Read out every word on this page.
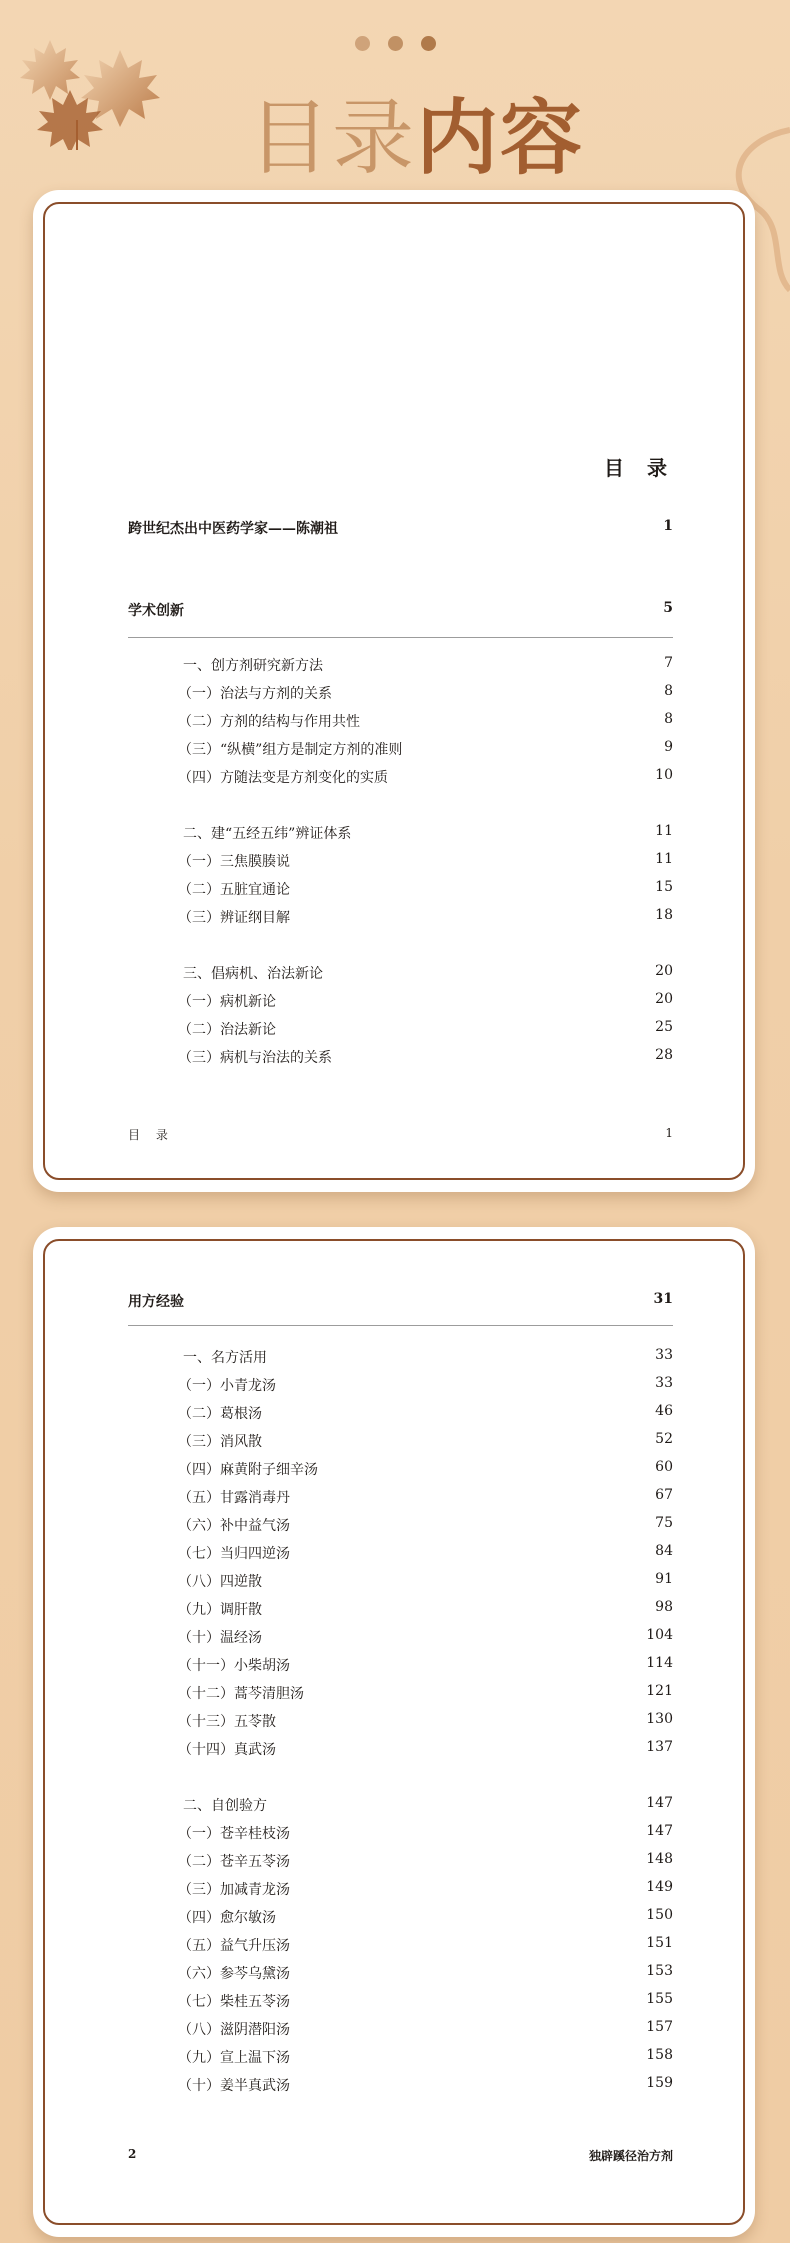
目录内容
目 录
跨世纪杰出中医药学家——陈潮祖	1
学术创新	5
一、创方剂研究新方法	7
（一）治法与方剂的关系	8
（二）方剂的结构与作用共性	8
（三）“纵横”组方是制定方剂的准则	9
（四）方随法变是方剂变化的实质	10
二、建“五经五纬”辨证体系	11
（一）三焦膜腠说	11
（二）五脏宜通论	15
（三）辨证纲目解	18
三、倡病机、治法新论	20
（一）病机新论	20
（二）治法新论	25
（三）病机与治法的关系	28
目 录	1
用方经验	31
一、名方活用	33
（一）小青龙汤	33
（二）葛根汤	46
（三）消风散	52
（四）麻黄附子细辛汤	60
（五）甘露消毒丹	67
（六）补中益气汤	75
（七）当归四逆汤	84
（八）四逆散	91
（九）调肝散	98
（十）温经汤	104
（十一）小柴胡汤	114
（十二）蒿芩清胆汤	121
（十三）五苓散	130
（十四）真武汤	137
二、自创验方	147
（一）苍辛桂枝汤	147
（二）苍辛五苓汤	148
（三）加减青龙汤	149
（四）愈尔敏汤	150
（五）益气升压汤	151
（六）参芩乌黛汤	153
（七）柴桂五苓汤	155
（八）滋阴潜阳汤	157
（九）宣上温下汤	158
（十）姜半真武汤	159
2	独辟蹊径治方剂
